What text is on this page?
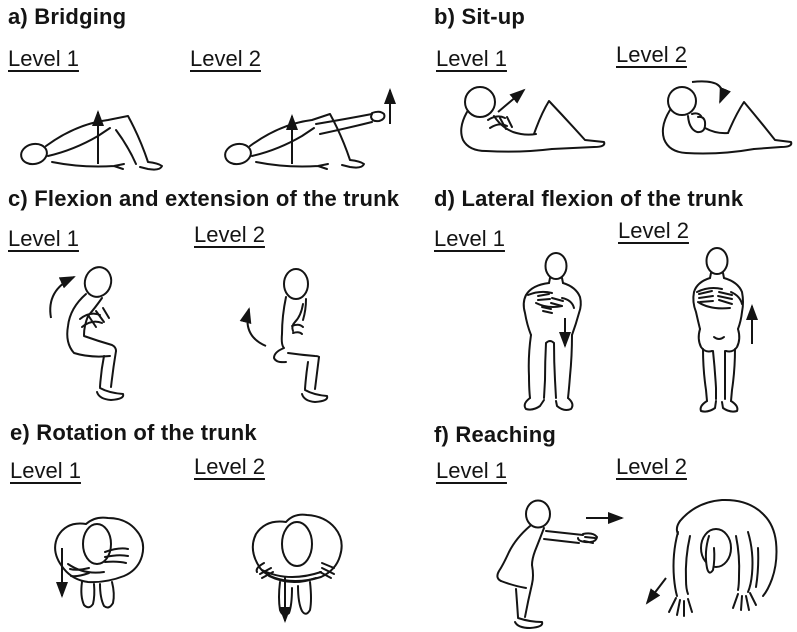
a) Bridging
Level 1	Level 2
b) Sit-up
Level 1	Level 2
c) Flexion and extension of the trunk
Level 1	Level 2
d) Lateral flexion of the trunk
Level 1	Level 2
e) Rotation of the trunk
Level 1	Level 2
f) Reaching
Level 1	Level 2
